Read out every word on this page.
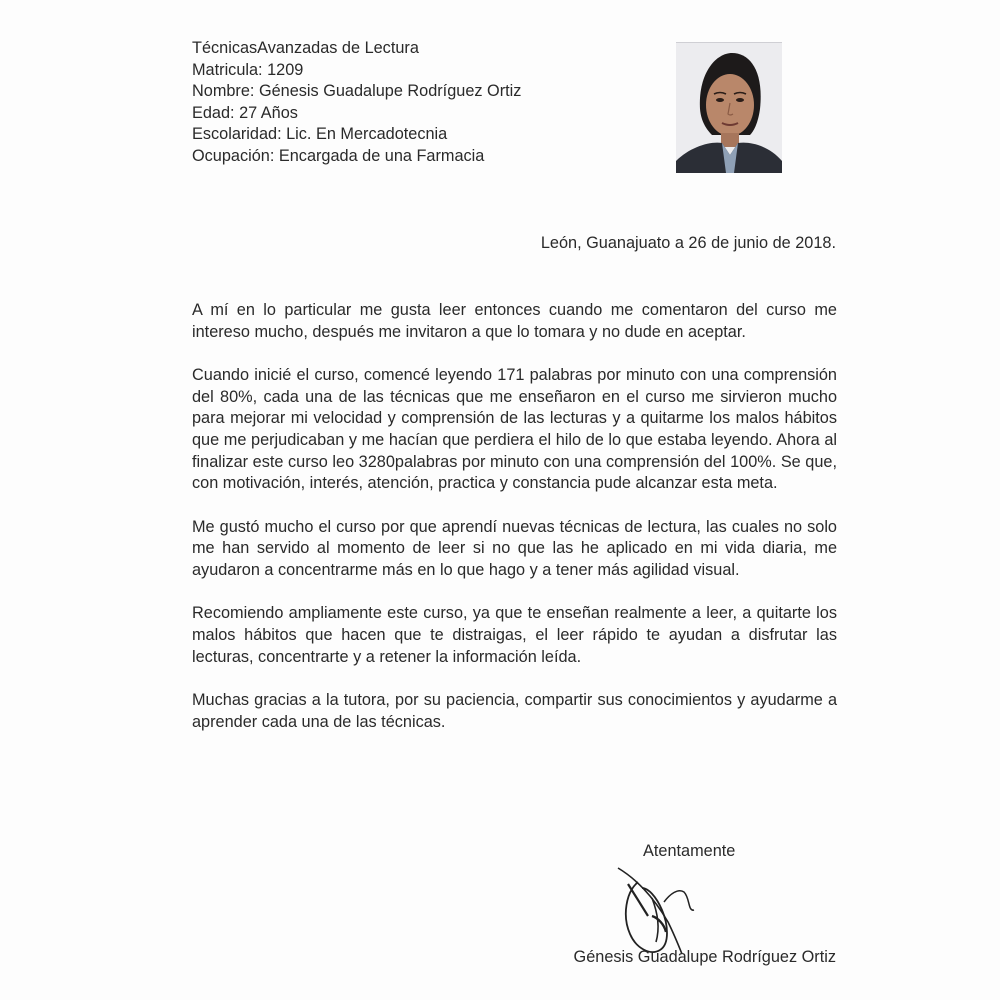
TécnicasAvanzadas de Lectura
Matricula: 1209
Nombre: Génesis Guadalupe Rodríguez Ortiz
Edad: 27 Años
Escolaridad: Lic. En Mercadotecnia
Ocupación: Encargada de una Farmacia
León, Guanajuato a 26 de junio de 2018.

A mí en lo particular me gusta leer entonces cuando me comentaron del curso me intereso mucho, después me invitaron a que lo tomara y no dude en aceptar.

Cuando inicié el curso, comencé leyendo 171 palabras por minuto con una comprensión del 80%, cada una de las técnicas que me enseñaron en el curso me sirvieron mucho para mejorar mi velocidad y comprensión de las lecturas y a quitarme los malos hábitos que me perjudicaban y me hacían que perdiera el hilo de lo que estaba leyendo. Ahora al finalizar este curso leo 3280palabras por minuto con una comprensión del 100%. Se que, con motivación, interés, atención, practica y constancia pude alcanzar esta meta.

Me gustó mucho el curso por que aprendí nuevas técnicas de lectura, las cuales no solo me han servido al momento de leer si no que las he aplicado en mi vida diaria, me ayudaron a concentrarme más en lo que hago y a tener más agilidad visual.

Recomiendo ampliamente este curso, ya que te enseñan realmente a leer, a quitarte los malos hábitos que hacen que te distraigas, el leer rápido te ayudan a disfrutar las lecturas, concentrarte y a retener la información leída.

Muchas gracias a la tutora, por su paciencia, compartir sus conocimientos y ayudarme a aprender cada una de las técnicas.

Atentamente
Génesis Guadalupe Rodríguez Ortiz
